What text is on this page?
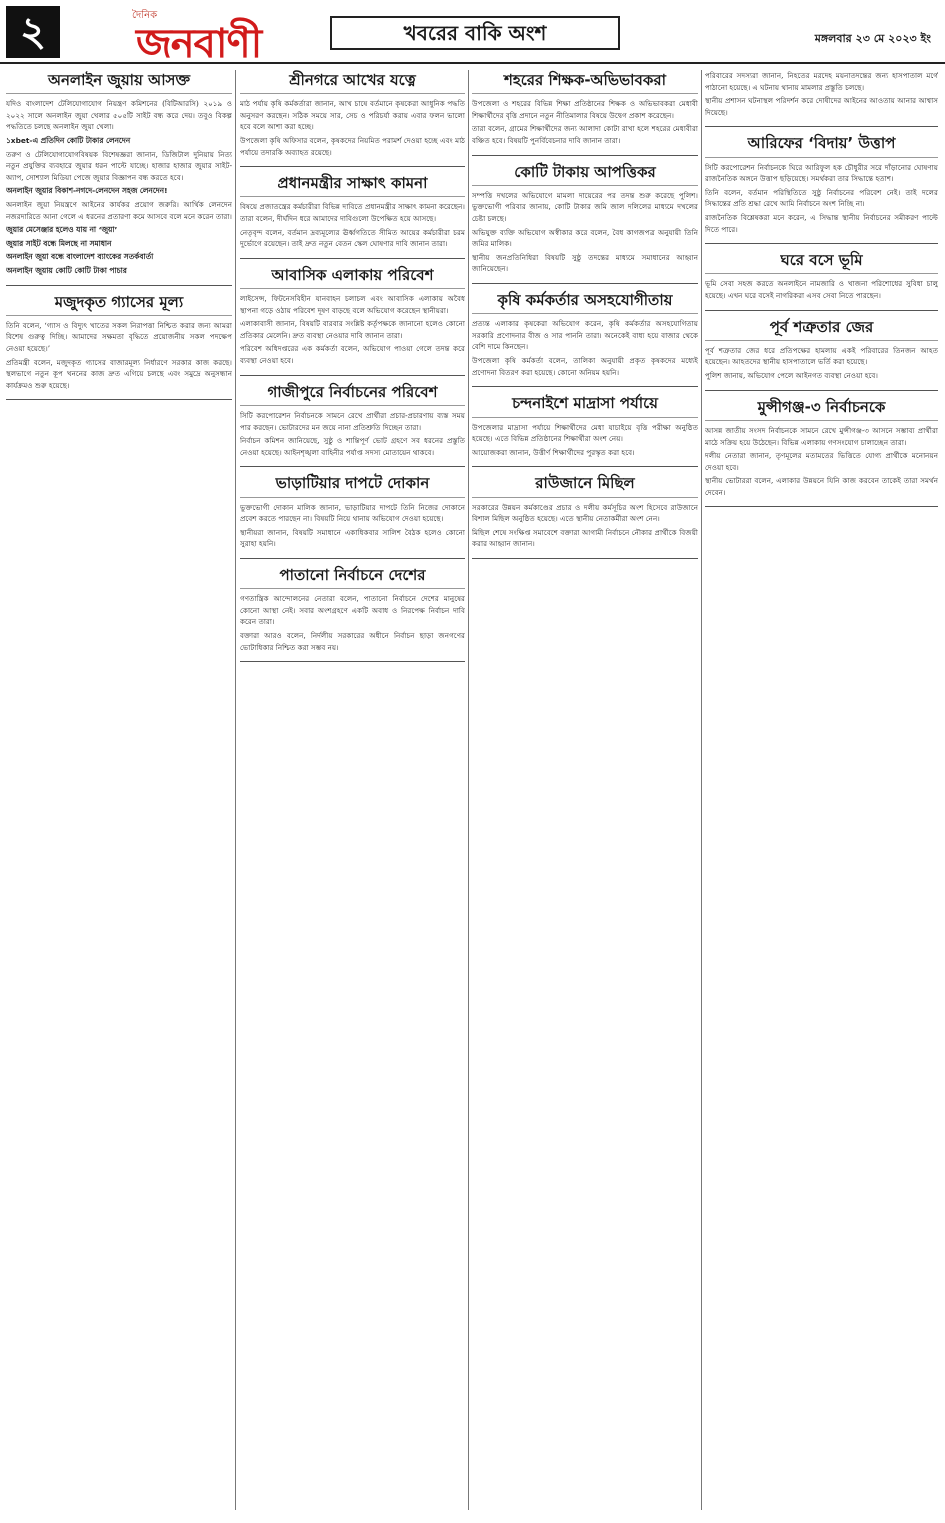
২	দৈনিক
জনবাণী	খবরের বাকি অংশ	মঙ্গলবার ২৩ মে ২০২৩ ইং
অনলাইন জুয়ায় আসক্ত

যদিও বাংলাদেশ টেলিযোগাযোগ নিয়ন্ত্রণ কমিশনের (বিটিআরসি) ২০১৯ ও ২০২২ সালে অনলাইন জুয়া খেলার ৫০৫টি সাইট বন্ধ করে দেয়। তবুও বিকল্প পদ্ধতিতে চলছে অনলাইন জুয়া খেলা।

১xbet-এ প্রতিদিন কোটি টাকার লেনদেন

তরুণ ও টেলিযোগাযোগবিষয়ক বিশেষজ্ঞরা জানান, ডিজিটাল দুনিয়ায় নিত্য নতুন প্রযুক্তির ব্যবহারে জুয়ার ধরন পাল্টে যাচ্ছে। হাজার হাজার জুয়ার সাইট-অ্যাপ, সোশ্যাল মিডিয়া পেজে জুয়ার বিজ্ঞাপন বন্ধ করতে হবে।

অনলাইন জুয়ার বিকাশ-নগদে-লেনদেন সহজ লেনদেন!

অনলাইন জুয়া নিয়ন্ত্রণে আইনের কার্যকর প্রয়োগ জরুরি। আর্থিক লেনদেন নজরদারিতে আনা গেলে এ ধরনের প্রতারণা কমে আসবে বলে মনে করেন তারা।

জুয়ার মেসেঞ্জার হলেও যায় না ‘জুয়া’

জুয়ার সাইট বন্ধে মিলছে না সমাধান

অনলাইন জুয়া বন্ধে বাংলাদেশ ব্যাংকের সতর্কবার্তা

অনলাইন জুয়ায় কোটি কোটি টাকা পাচার

মজুদকৃত গ্যাসের মূল্য

তিনি বলেন, ‘গ্যাস ও বিদ্যুৎ খাতের সকল নিরাপত্তা নিশ্চিত করার জন্য আমরা বিশেষ গুরুত্ব দিচ্ছি। আমাদের সক্ষমতা বৃদ্ধিতে প্রয়োজনীয় সকল পদক্ষেপ নেওয়া হয়েছে।’

প্রতিমন্ত্রী বলেন, মজুদকৃত গ্যাসের বাজারমূল্য নির্ধারণে সরকার কাজ করছে। স্থলভাগে নতুন কূপ খননের কাজ দ্রুত এগিয়ে চলছে এবং সমুদ্রে অনুসন্ধান কার্যক্রমও শুরু হয়েছে।

শ্রীনগরে আখের যত্নে

মাঠ পর্যায় কৃষি কর্মকর্তারা জানান, আখ চাষে বর্তমানে কৃষকেরা আধুনিক পদ্ধতি অনুসরণ করছেন। সঠিক সময়ে সার, সেচ ও পরিচর্যা করায় এবার ফলন ভালো হবে বলে আশা করা হচ্ছে।

উপজেলা কৃষি অফিসার বলেন, কৃষকদের নিয়মিত পরামর্শ দেওয়া হচ্ছে এবং মাঠ পর্যায়ে তদারকি অব্যাহত রয়েছে।

প্রধানমন্ত্রীর সাক্ষাৎ কামনা

বিষয়ে প্রজাতন্ত্রের কর্মচারীরা বিভিন্ন দাবিতে প্রধানমন্ত্রীর সাক্ষাৎ কামনা করেছেন। তারা বলেন, দীর্ঘদিন ধরে আমাদের দাবিগুলো উপেক্ষিত হয়ে আসছে।

নেতৃবৃন্দ বলেন, বর্তমান দ্রব্যমূল্যের ঊর্ধ্বগতিতে সীমিত আয়ের কর্মচারীরা চরম দুর্ভোগে রয়েছেন। তাই দ্রুত নতুন বেতন স্কেল ঘোষণার দাবি জানান তারা।

আবাসিক এলাকায় পরিবেশ

লাইসেন্স, ফিটনেসবিহীন যানবাহন চলাচল এবং আবাসিক এলাকায় অবৈধ স্থাপনা গড়ে ওঠায় পরিবেশ দূষণ বাড়ছে বলে অভিযোগ করেছেন স্থানীয়রা।

এলাকাবাসী জানান, বিষয়টি বারবার সংশ্লিষ্ট কর্তৃপক্ষকে জানানো হলেও কোনো প্রতিকার মেলেনি। দ্রুত ব্যবস্থা নেওয়ার দাবি জানান তারা।

পরিবেশ অধিদপ্তরের এক কর্মকর্তা বলেন, অভিযোগ পাওয়া গেলে তদন্ত করে ব্যবস্থা নেওয়া হবে।

গাজীপুরে নির্বাচনের পরিবেশ

সিটি করপোরেশন নির্বাচনকে সামনে রেখে প্রার্থীরা প্রচার-প্রচারণায় ব্যস্ত সময় পার করছেন। ভোটারদের মন জয়ে নানা প্রতিশ্রুতি দিচ্ছেন তারা।

নির্বাচন কমিশন জানিয়েছে, সুষ্ঠু ও শান্তিপূর্ণ ভোট গ্রহণে সব ধরনের প্রস্তুতি নেওয়া হয়েছে। আইনশৃঙ্খলা বাহিনীর পর্যাপ্ত সদস্য মোতায়েন থাকবে।

ভাড়াটিয়ার দাপটে দোকান

ভুক্তভোগী দোকান মালিক জানান, ভাড়াটিয়ার দাপটে তিনি নিজের দোকানে প্রবেশ করতে পারছেন না। বিষয়টি নিয়ে থানায় অভিযোগ দেওয়া হয়েছে।

স্থানীয়রা জানান, বিষয়টি সমাধানে একাধিকবার সালিশ বৈঠক হলেও কোনো সুরাহা হয়নি।

পাতানো নির্বাচনে দেশের

গণতান্ত্রিক আন্দোলনের নেতারা বলেন, পাতানো নির্বাচনে দেশের মানুষের কোনো আস্থা নেই। সবার অংশগ্রহণে একটি অবাধ ও নিরপেক্ষ নির্বাচন দাবি করেন তারা।

বক্তারা আরও বলেন, নির্দলীয় সরকারের অধীনে নির্বাচন ছাড়া জনগণের ভোটাধিকার নিশ্চিত করা সম্ভব নয়।

শহরের শিক্ষক-অভিভাবকরা

উপজেলা ও শহরের বিভিন্ন শিক্ষা প্রতিষ্ঠানের শিক্ষক ও অভিভাবকরা মেধাবী শিক্ষার্থীদের বৃত্তি প্রদানে নতুন নীতিমালার বিষয়ে উদ্বেগ প্রকাশ করেছেন।

তারা বলেন, গ্রামের শিক্ষার্থীদের জন্য আলাদা কোটা রাখা হলে শহরের মেধাবীরা বঞ্চিত হবে। বিষয়টি পুনর্বিবেচনার দাবি জানান তারা।

কোটি টাকায় আপত্তিকর

সম্পত্তি দখলের অভিযোগে মামলা দায়েরের পর তদন্ত শুরু করেছে পুলিশ। ভুক্তভোগী পরিবার জানায়, কোটি টাকার জমি জাল দলিলের মাধ্যমে দখলের চেষ্টা চলছে।

অভিযুক্ত ব্যক্তি অভিযোগ অস্বীকার করে বলেন, বৈধ কাগজপত্র অনুযায়ী তিনি জমির মালিক।

স্থানীয় জনপ্রতিনিধিরা বিষয়টি সুষ্ঠু তদন্তের মাধ্যমে সমাধানের আহ্বান জানিয়েছেন।

কৃষি কর্মকর্তার অসহযোগীতায়

প্রত্যন্ত এলাকার কৃষকেরা অভিযোগ করেন, কৃষি কর্মকর্তার অসহযোগিতায় সরকারি প্রণোদনার বীজ ও সার পাননি তারা। অনেকেই বাধ্য হয়ে বাজার থেকে বেশি দামে কিনছেন।

উপজেলা কৃষি কর্মকর্তা বলেন, তালিকা অনুযায়ী প্রকৃত কৃষকদের মধ্যেই প্রণোদনা বিতরণ করা হয়েছে। কোনো অনিয়ম হয়নি।

চন্দনাইশে মাদ্রাসা পর্যায়ে

উপজেলার মাদ্রাসা পর্যায়ে শিক্ষার্থীদের মেধা যাচাইয়ে বৃত্তি পরীক্ষা অনুষ্ঠিত হয়েছে। এতে বিভিন্ন প্রতিষ্ঠানের শিক্ষার্থীরা অংশ নেয়।

আয়োজকরা জানান, উত্তীর্ণ শিক্ষার্থীদের পুরস্কৃত করা হবে।

রাউজানে মিছিল

সরকারের উন্নয়ন কর্মকাণ্ডের প্রচার ও দলীয় কর্মসূচির অংশ হিসেবে রাউজানে বিশাল মিছিল অনুষ্ঠিত হয়েছে। এতে স্থানীয় নেতাকর্মীরা অংশ নেন।

মিছিল শেষে সংক্ষিপ্ত সমাবেশে বক্তারা আগামী নির্বাচনে নৌকার প্রার্থীকে বিজয়ী করার আহ্বান জানান।

পরিবারের সদস্যরা জানান, নিহতের মরদেহ ময়নাতদন্তের জন্য হাসপাতাল মর্গে পাঠানো হয়েছে। এ ঘটনায় থানায় মামলার প্রস্তুতি চলছে।

স্থানীয় প্রশাসন ঘটনাস্থল পরিদর্শন করে দোষীদের আইনের আওতায় আনার আশ্বাস দিয়েছে।

আরিফের ‘বিদায়’ উত্তাপ

সিটি করপোরেশন নির্বাচনকে ঘিরে আরিফুল হক চৌধুরীর সরে দাঁড়ানোর ঘোষণায় রাজনৈতিক অঙ্গনে উত্তাপ ছড়িয়েছে। সমর্থকরা তার সিদ্ধান্তে হতাশ।

তিনি বলেন, বর্তমান পরিস্থিতিতে সুষ্ঠু নির্বাচনের পরিবেশ নেই। তাই দলের সিদ্ধান্তের প্রতি শ্রদ্ধা রেখে আমি নির্বাচনে অংশ নিচ্ছি না।

রাজনৈতিক বিশ্লেষকরা মনে করেন, এ সিদ্ধান্ত স্থানীয় নির্বাচনের সমীকরণ পাল্টে দিতে পারে।

ঘরে বসে ভূমি

ভূমি সেবা সহজ করতে অনলাইনে নামজারি ও খাজনা পরিশোধের সুবিধা চালু হয়েছে। এখন ঘরে বসেই নাগরিকরা এসব সেবা নিতে পারছেন।

পূর্ব শত্রুতার জের

পূর্ব শত্রুতার জের ধরে প্রতিপক্ষের হামলায় একই পরিবারের তিনজন আহত হয়েছেন। আহতদের স্থানীয় হাসপাতালে ভর্তি করা হয়েছে।

পুলিশ জানায়, অভিযোগ পেলে আইনগত ব্যবস্থা নেওয়া হবে।

মুন্সীগঞ্জ-৩ নির্বাচনকে

আসন্ন জাতীয় সংসদ নির্বাচনকে সামনে রেখে মুন্সীগঞ্জ-৩ আসনে সম্ভাব্য প্রার্থীরা মাঠে সক্রিয় হয়ে উঠেছেন। বিভিন্ন এলাকায় গণসংযোগ চালাচ্ছেন তারা।

দলীয় নেতারা জানান, তৃণমূলের মতামতের ভিত্তিতে যোগ্য প্রার্থীকে মনোনয়ন দেওয়া হবে।

স্থানীয় ভোটাররা বলেন, এলাকার উন্নয়নে যিনি কাজ করবেন তাকেই তারা সমর্থন দেবেন।
